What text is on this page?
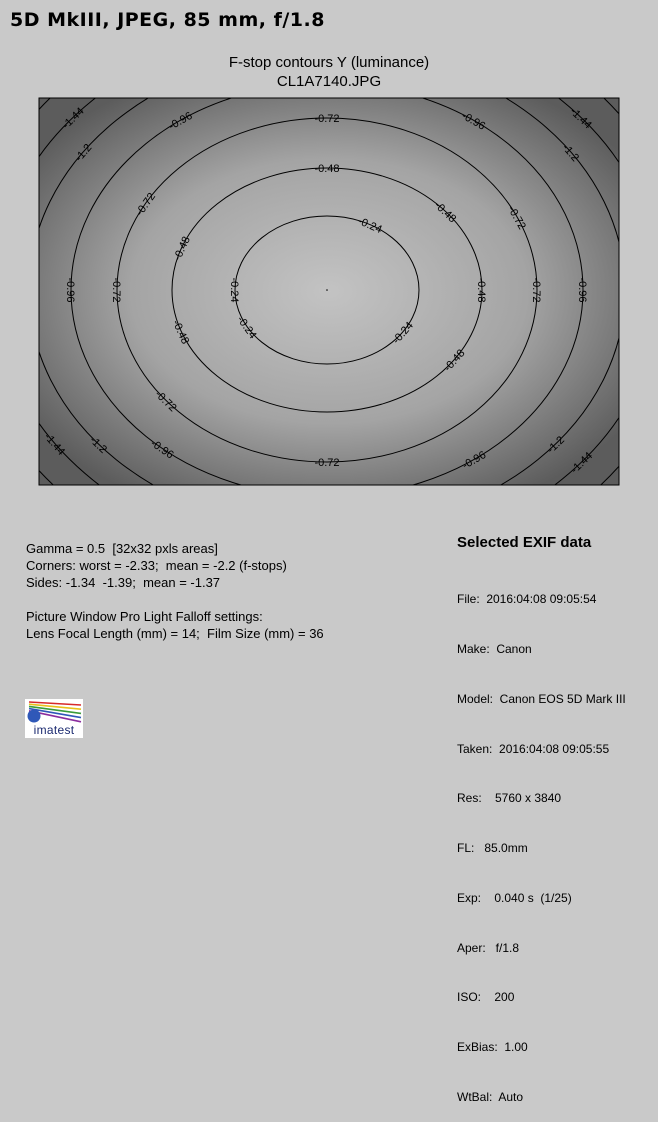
5D MkIII, JPEG, 85 mm, f/1.8
F-stop contours Y (luminance)
CL1A7140.JPG
-0.24
-0.24
-0.24	-0.24
-0.48
-0.48
-0.48
-0.48
-0.48
-0.48
-0.72
-0.72	-0.72
-0.72
-0.72
-0.72
-0.72
-0.96	-0.96
-0.96
-0.96
-0.96	-0.96
-1.2	-1.2
-1.2	-1.2
-1.44	-1.44
-1.44
-1.44
Gamma = 0.5  [32x32 pxls areas]
Corners: worst = -2.33;  mean = -2.2 (f-stops)
Sides: -1.34  -1.39;  mean = -1.37
Picture Window Pro Light Falloff settings:
Lens Focal Length (mm) = 14;  Film Size (mm) = 36
Selected EXIF data

File:  2016:04:08 09:05:54

Make:  Canon

Model:  Canon EOS 5D Mark III

Taken:  2016:04:08 09:05:55

Res:    5760 x 3840

FL:   85.0mm

Exp:    0.040 s  (1/25)

Aper:   f/1.8

ISO:    200

ExBias:  1.00

WtBal:  Auto

imatest
